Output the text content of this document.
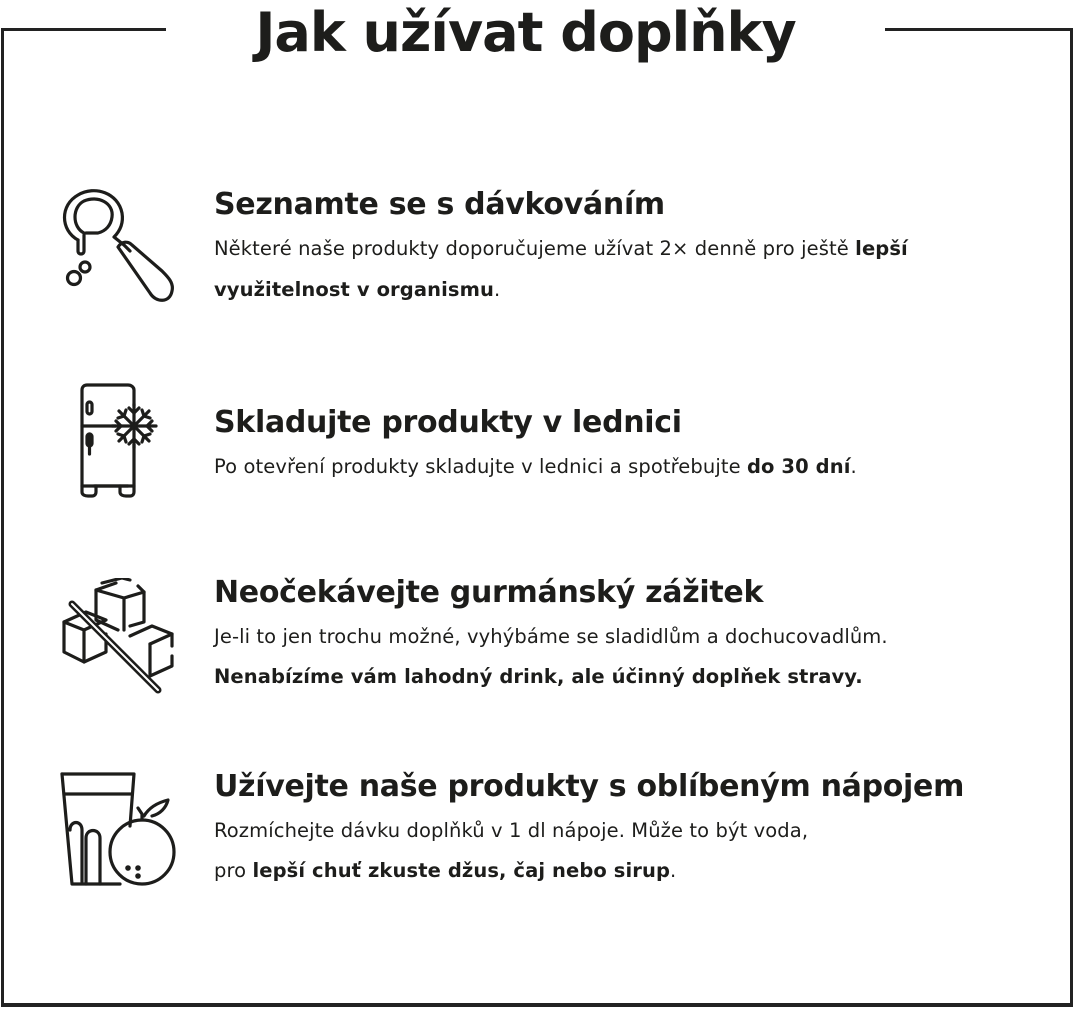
Jak užívat doplňky
Seznamte se s dávkováním
Některé naše produkty doporučujeme užívat 2× denně pro ještě lepší
využitelnost v organismu.
Skladujte produkty v lednici
Po otevření produkty skladujte v lednici a spotřebujte do 30 dní.
Neočekávejte gurmánský zážitek
Je-li to jen trochu možné, vyhýbáme se sladidlům a dochucovadlům.
Nenabízíme vám lahodný drink, ale účinný doplňek stravy.
Užívejte naše produkty s oblíbeným nápojem
Rozmíchejte dávku doplňků v 1 dl nápoje. Může to být voda,
pro lepší chuť zkuste džus, čaj nebo sirup.
